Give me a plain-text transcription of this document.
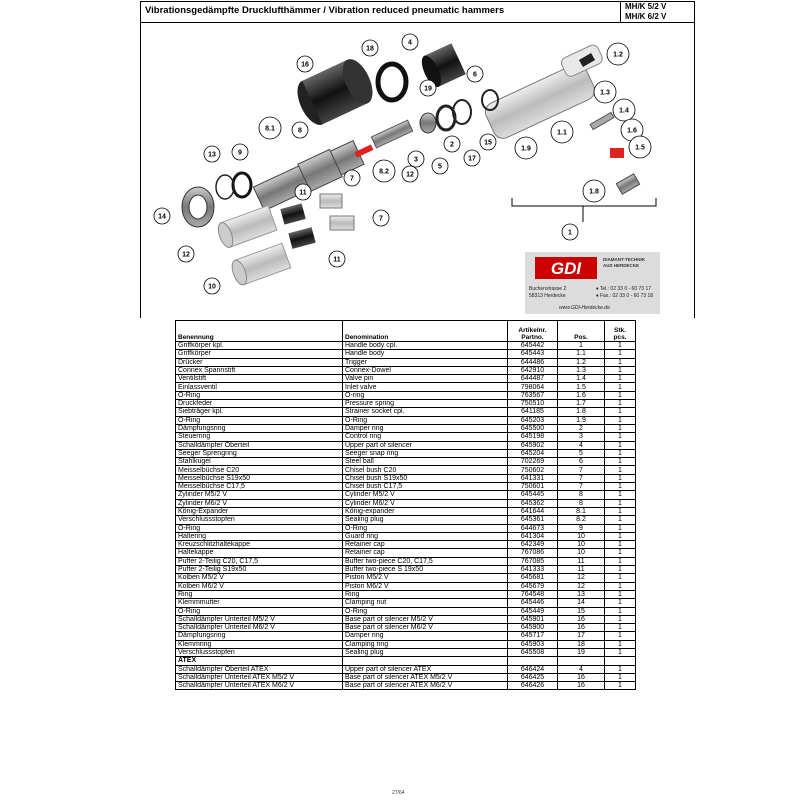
Vibrationsgedämpfte Drucklufthämmer / Vibration reduced pneumatic hammers	MH/K 5/2 V
MH/K 6/2 V
1.2
4
18
16
6
19
1.3
1.4
1.1	1.6
1.9
15
8.1	8
2
17
13	9
3
12
5
1.5
8.2
1.8
7
11
14	7
1
12
11
10
GDI	DIAMANT-TECHNIK
AUS HERDECKE
Buchenstrasse 2
58313 Herdecke
♦ Tel.: 02 33 0 - 60 73 17
♦ Fax.: 02 33 0 - 60 73 18
www.GDI-Herdecke.de
Benennung	Denomination	Artikelnr.
Partno.	Pos.	Stk.
pcs.
Griffkörper kpl.	Handle body cpl.	645442	1	1
Griffkörper	Handle body	645443	1.1	1
Drücker	Trigger	644486	1.2	1
Connex Spannstift	Connex-Dowel	642910	1.3	1
Ventilstift	Valve pin	644487	1.4	1
Einlassventil	Inlet valve	798064	1.5	1
O-Ring	O-ring	763567	1.6	1
Druckfeder	Pressure spring	750510	1.7	1
Siebträger kpl.	Strainer socket cpl.	641185	1.8	1
O-Ring	O-Ring	645203	1.9	1
Dämpfungsring	Damper ring	645500	2	1
Steuerring	Control ring	645198	3	1
Schalldämpfer Oberteil	Upper part of silencer	645902	4	1
Seeger Sprengring	Seeger snap ring	645204	5	1
Stahlkugel	Steel ball	702269	6	1
Meisselbüchse C20	Chisel bush C20	750602	7	1
Meisselbüchse S19x50	Chisel bush S19x50	641331	7	1
Meisselbüchse C17,5	Chisel bush C17,5	750601	7	1
Zylinder M5/2 V	Cylinder M5/2 V	645445	8	1
Zylinder M6/2 V	Cylinder M6/2 V	645362	8	1
König-Expander	König-expander	641644	8.1	1
Verschlussstopfen	Sealing plug	645361	8.2	1
O-Ring	O-Ring	644673	9	1
Haltering	Guard ring	641304	10	1
Kreuzschlitzhaltekappe	Retainer cap	642349	10	1
Haltekappe	Retainer cap	767086	10	1
Puffer 2-Teilig C20, C17,5	Buffer two-piece C20, C17,5	767085	11	1
Puffer 2-Teilig S19x50	Buffer two-piece S 19x50	641333	11	1
Kolben M5/2 V	Piston M5/2 V	645681	12	1
Kolben M6/2 V	Piston M6/2 V	645679	12	1
Ring	Ring	764548	13	1
Klemmmutter	Clamping nut	645446	14	1
O-Ring	O-Ring	645449	15	1
Schalldämpfer Unterteil M5/2 V	Base part of silencer M5/2 V	645901	16	1
Schalldämpfer Unterteil M6/2 V	Base part of silencer M6/2 V	645900	16	1
Dämpfungsring	Damper ring	645717	17	1
Klemmring	Clamping ring	645903	18	1
Verschlussstopfen	Sealing plug	645508	19	1
ATEX				
Schalldämpfer Oberteil ATEX	Upper part of silencer ATEX	646424	4	1
Schalldämpfer Unterteil ATEX M5/2 V	Base part of silencer ATEX M5/2 V	646425	16	1
Schalldämpfer Unterteil ATEX M6/2 V	Base part of silencer ATEX M6/2 V	646426	16	1
27/64
